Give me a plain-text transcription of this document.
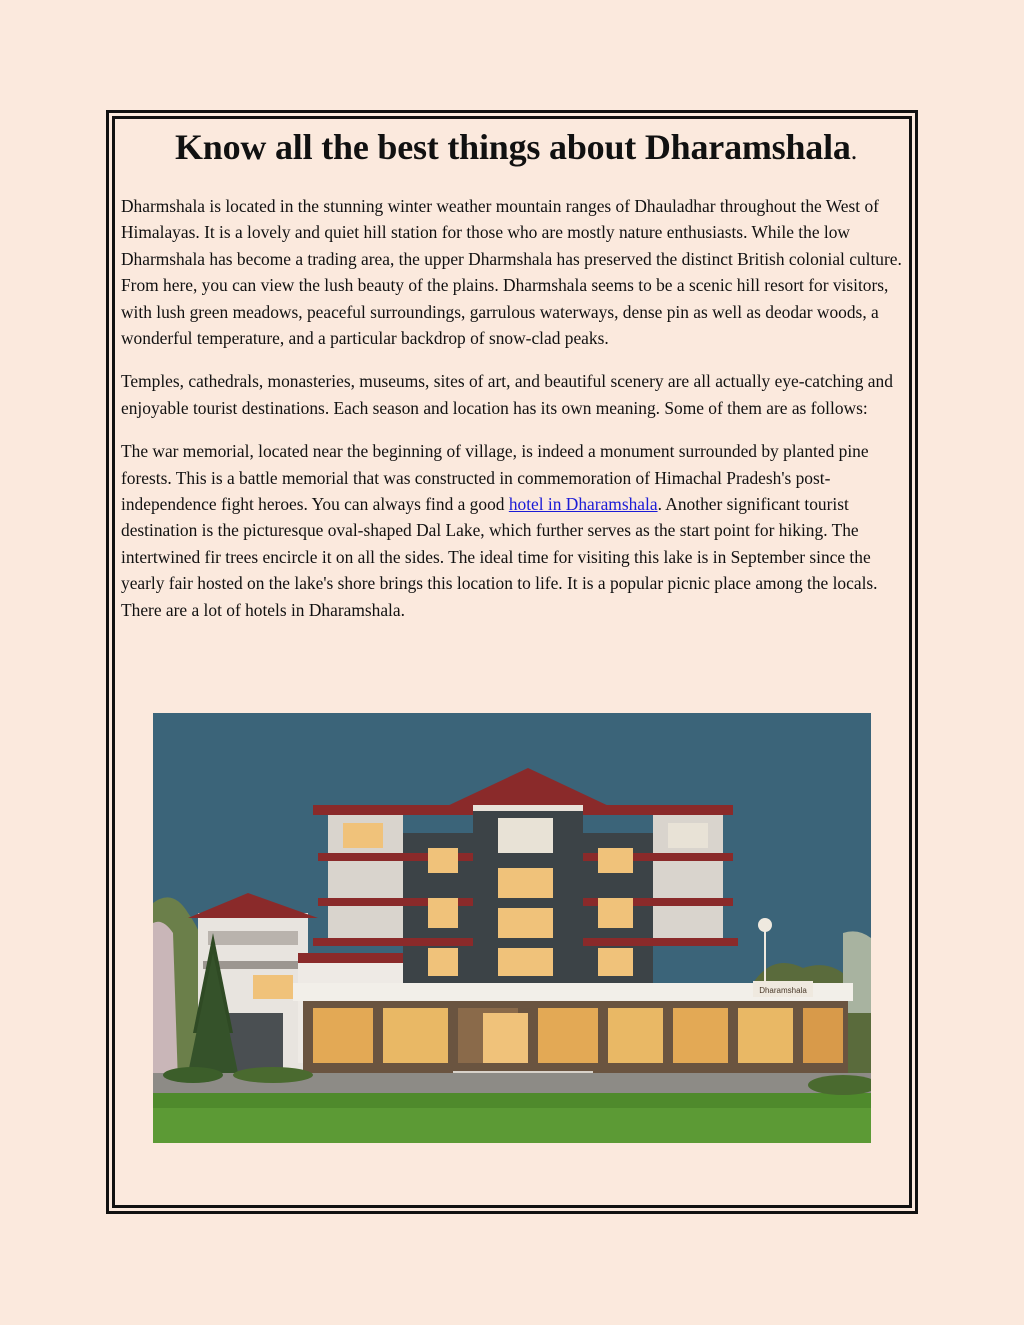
Know all the best things about Dharamshala.

Dharmshala is located in the stunning winter weather mountain ranges of Dhauladhar throughout the West of Himalayas. It is a lovely and quiet hill station for those who are mostly nature enthusiasts. While the low Dharmshala has become a trading area, the upper Dharmshala has preserved the distinct British colonial culture. From here, you can view the lush beauty of the plains. Dharmshala seems to be a scenic hill resort for visitors, with lush green meadows, peaceful surroundings, garrulous waterways, dense pin as well as deodar woods, a wonderful temperature, and a particular backdrop of snow-clad peaks.

Temples, cathedrals, monasteries, museums, sites of art, and beautiful scenery are all actually eye-catching and enjoyable tourist destinations. Each season and location has its own meaning. Some of them are as follows:

The war memorial, located near the beginning of village, is indeed a monument surrounded by planted pine forests. This is a battle memorial that was constructed in commemoration of Himachal Pradesh's post-independence fight heroes. You can always find a good hotel in Dharamshala. Another significant tourist destination is the picturesque oval-shaped Dal Lake, which further serves as the start point for hiking. The intertwined fir trees encircle it on all the sides. The ideal time for visiting this lake is in September since the yearly fair hosted on the lake's shore brings this location to life. It is a popular picnic place among the locals. There are a lot of hotels in Dharamshala.

Dharamshala
